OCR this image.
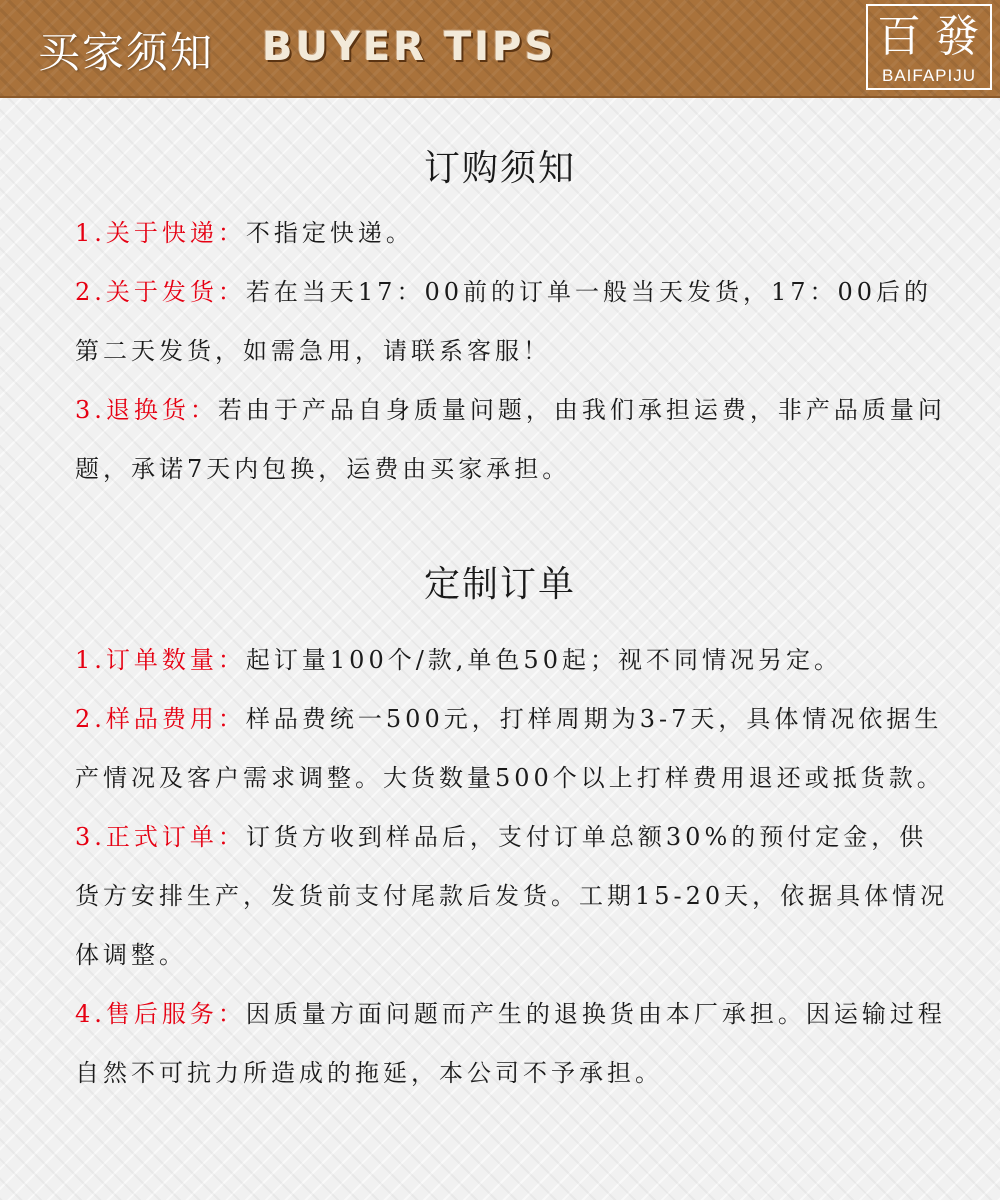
买家须知 BUYER TIPS	百 發
BAIFAPIJU
订购须知

1.关于快递：不指定快递。

2.关于发货：若在当天17：00前的订单一般当天发货，17：00后的第二天发货，如需急用，请联系客服！

3.退换货：若由于产品自身质量问题，由我们承担运费，非产品质量问题，承诺7天内包换，运费由买家承担。

定制订单

1.订单数量：起订量100个/款,单色50起；视不同情况另定。

2.样品费用：样品费统一500元，打样周期为3-7天，具体情况依据生产情况及客户需求调整。大货数量500个以上打样费用退还或抵货款。

3.正式订单：订货方收到样品后，支付订单总额30%的预付定金，供货方安排生产，发货前支付尾款后发货。工期15-20天，依据具体情况体调整。

4.售后服务：因质量方面问题而产生的退换货由本厂承担。因运输过程自然不可抗力所造成的拖延，本公司不予承担。
